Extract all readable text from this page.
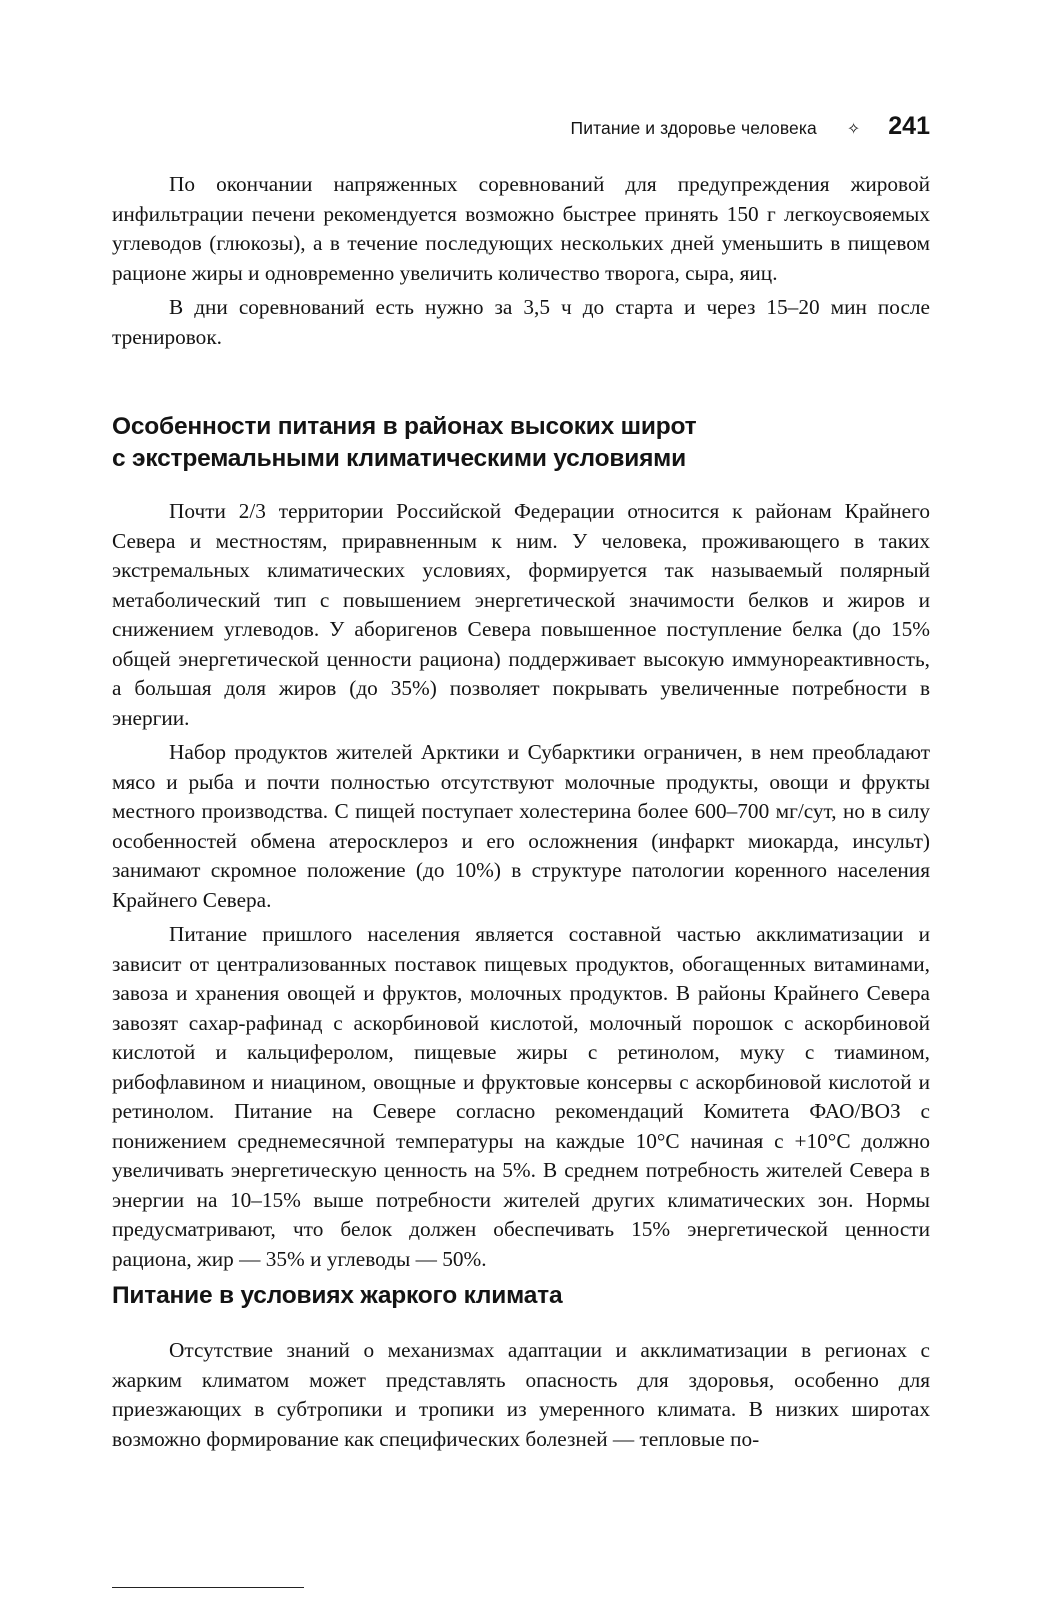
Питание и здоровье человека ✧ 241

По окончании напряженных соревнований для предупреждения жировой инфильтрации печени рекомендуется возможно быстрее принять 150 г легкоусвояемых углеводов (глюкозы), а в течение последующих нескольких дней уменьшить в пищевом рационе жиры и одновременно увеличить количество творога, сыра, яиц.

В дни соревнований есть нужно за 3,5 ч до старта и через 15–20 мин после тренировок.

Особенности питания в районах высоких широт
с экстремальными климатическими условиями

Почти 2/3 территории Российской Федерации относится к районам Крайнего Севера и местностям, приравненным к ним. У человека, проживающего в таких экстремальных климатических условиях, формируется так называемый полярный метаболический тип с повышением энергетической значимости белков и жиров и снижением углеводов. У аборигенов Севера повышенное поступление белка (до 15% общей энергетической ценности рациона) поддерживает высокую иммунореактивность, а большая доля жиров (до 35%) позволяет покрывать увеличенные потребности в энергии.

Набор продуктов жителей Арктики и Субарктики ограничен, в нем преобладают мясо и рыба и почти полностью отсутствуют молочные продукты, овощи и фрукты местного производства. С пищей поступает холестерина более 600–700 мг/сут, но в силу особенностей обмена атеросклероз и его осложнения (инфаркт миокарда, инсульт) занимают скромное положение (до 10%) в структуре патологии коренного населения Крайнего Севера.

Питание пришлого населения является составной частью акклиматизации и зависит от централизованных поставок пищевых продуктов, обогащенных витаминами, завоза и хранения овощей и фруктов, молочных продуктов. В районы Крайнего Севера завозят сахар-рафинад с аскорбиновой кислотой, молочный порошок с аскорбиновой кислотой и кальциферолом, пищевые жиры с ретинолом, муку с тиамином, рибофлавином и ниацином, овощные и фруктовые консервы с аскорбиновой кислотой и ретинолом. Питание на Севере согласно рекомендаций Комитета ФАО/ВОЗ с понижением среднемесячной температуры на каждые 10°С начиная с +10°С должно увеличивать энергетическую ценность на 5%. В среднем потребность жителей Севера в энергии на 10–15% выше потребности жителей других климатических зон. Нормы предусматривают, что белок должен обеспечивать 15% энергетической ценности рациона, жир — 35% и углеводы — 50%.

Питание в условиях жаркого климата

Отсутствие знаний о механизмах адаптации и акклиматизации в регионах с жарким климатом может представлять опасность для здоровья, особенно для приезжающих в субтропики и тропики из умеренного климата. В низких широтах возможно формирование как специфических болезней — тепловые по-
